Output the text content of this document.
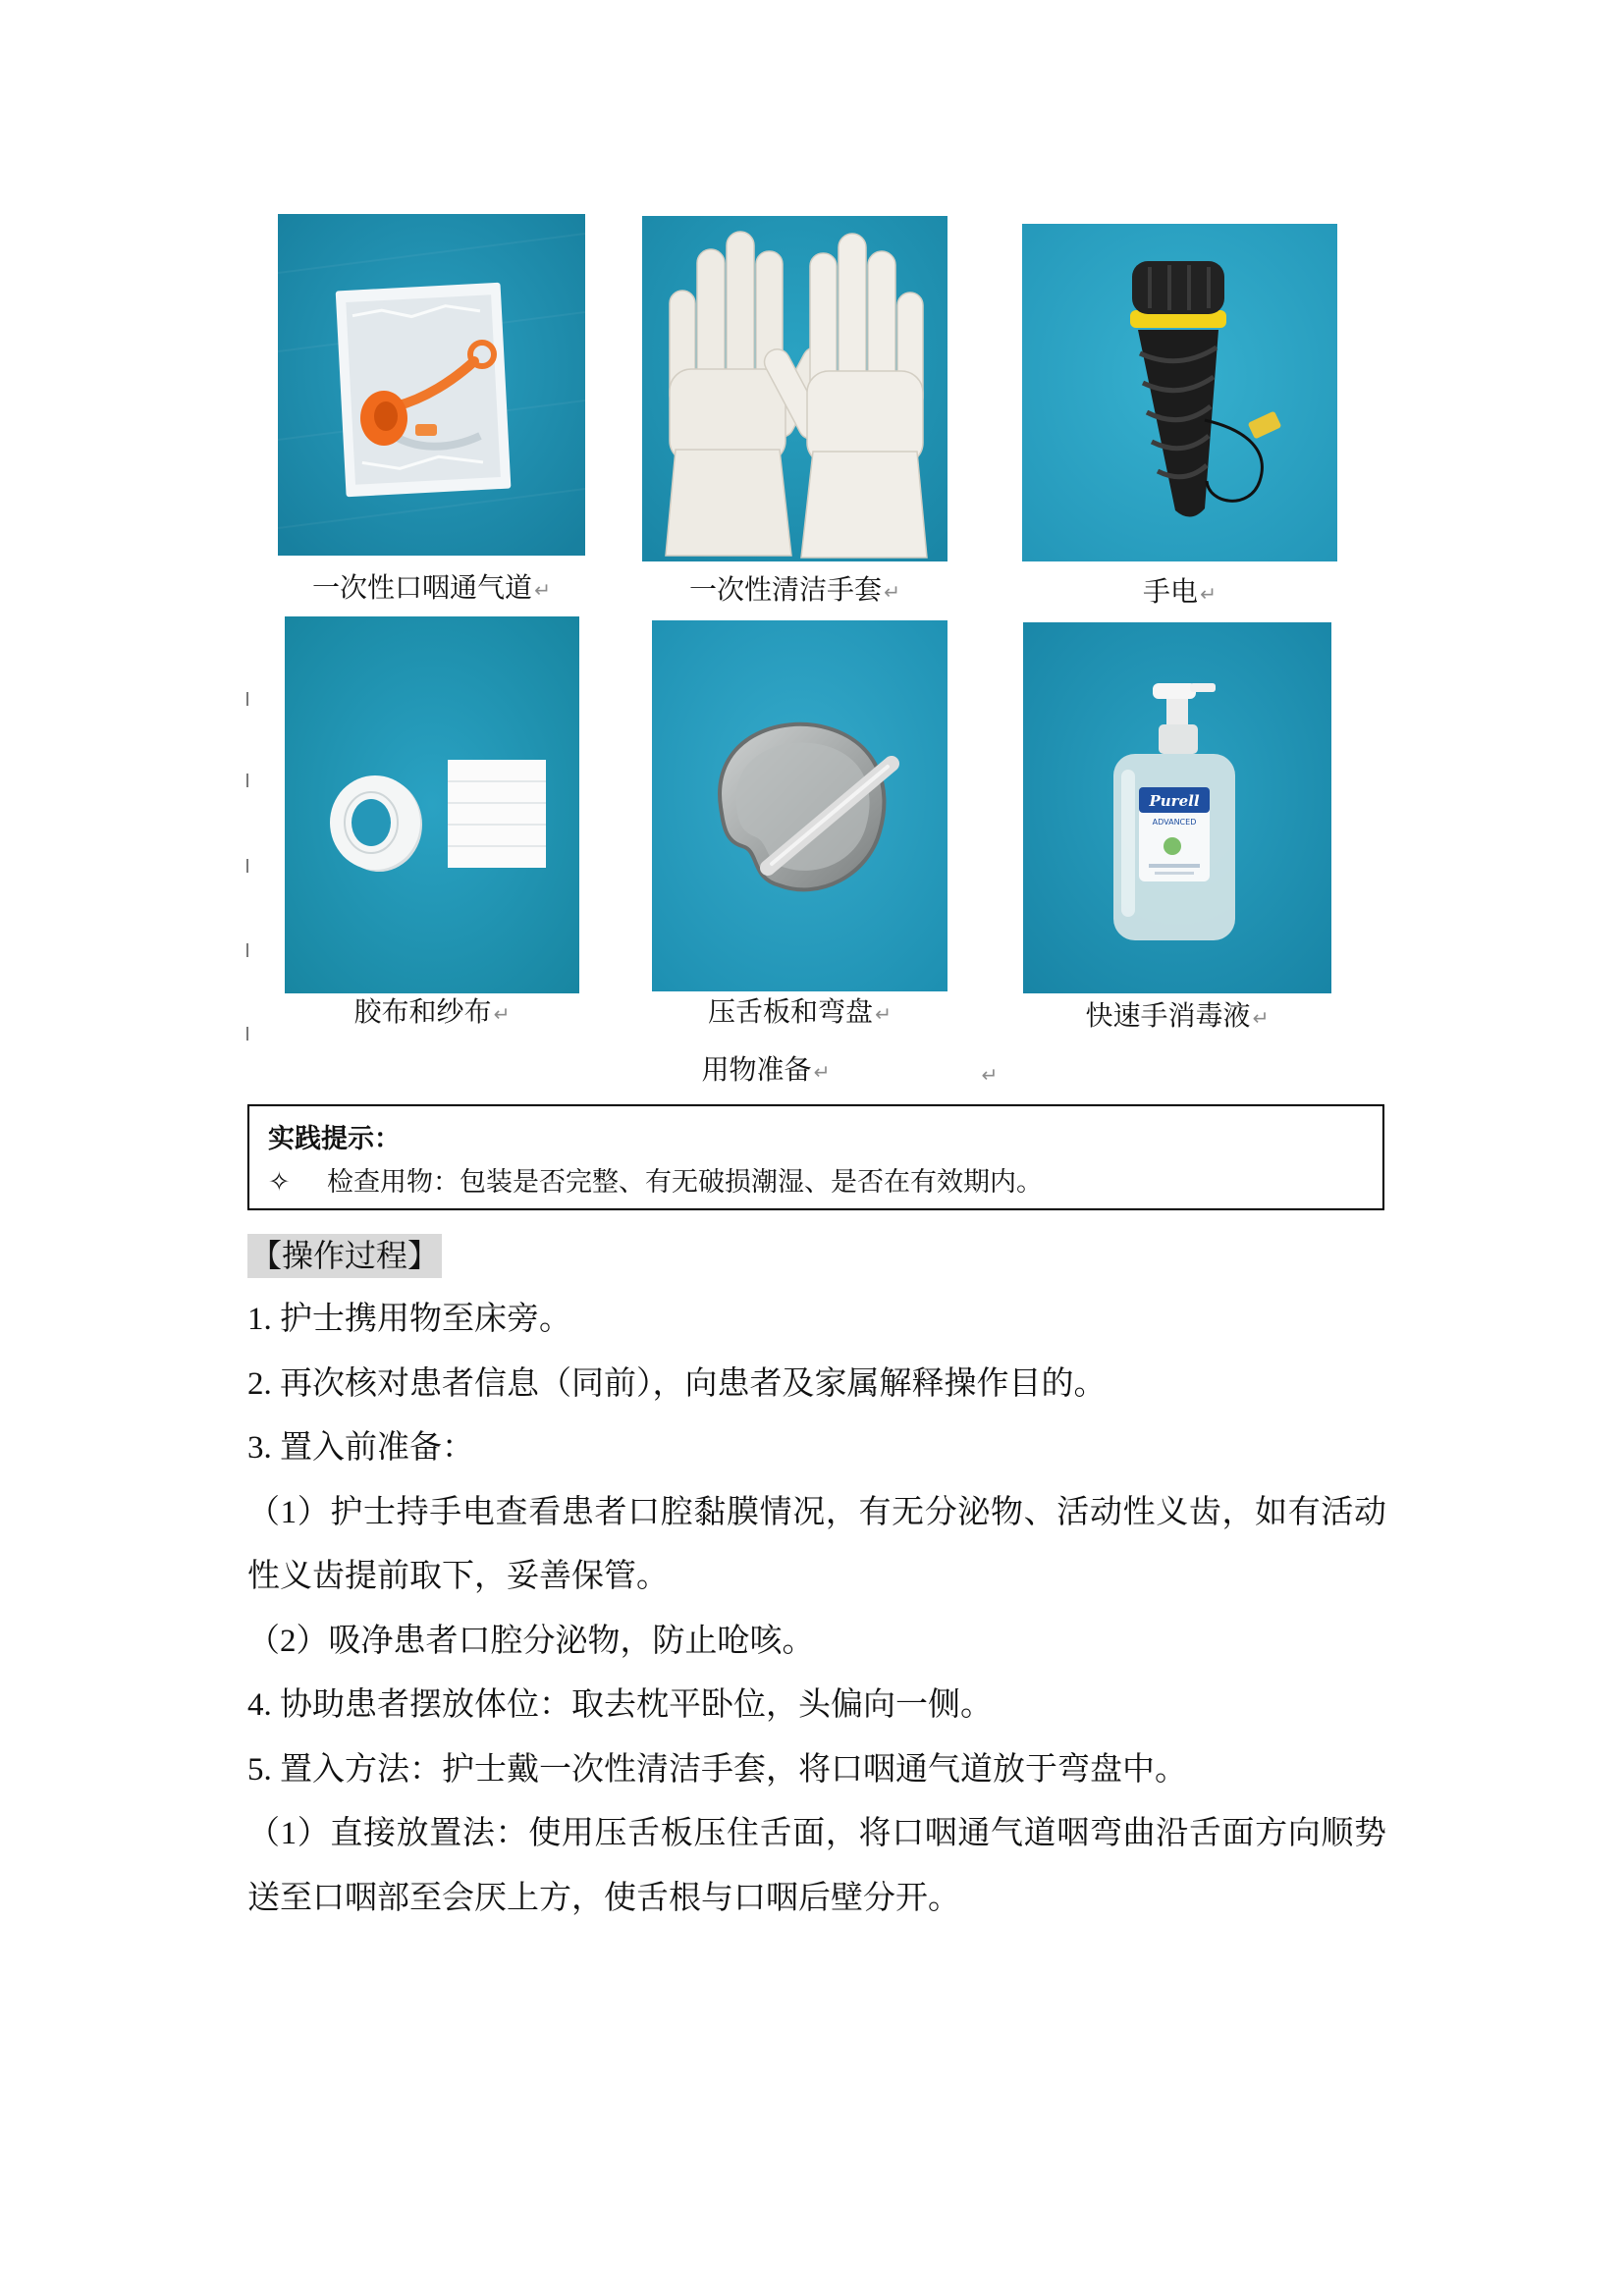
Purell
ADVANCED
一次性口咽通气道↵	一次性清洁手套↵	手电↵
胶布和纱布↵	压舌板和弯盘↵	快速手消毒液↵
用物准备↵	↵
实践提示：
✧ 检查用物：包装是否完整、有无破损潮湿、是否在有效期内。
【操作过程】

1. 护士携用物至床旁。

2. 再次核对患者信息（同前），向患者及家属解释操作目的。

3. 置入前准备：

（1）护士持手电查看患者口腔黏膜情况，有无分泌物、活动性义齿，如有活动性义齿提前取下，妥善保管。

（2）吸净患者口腔分泌物，防止呛咳。

4. 协助患者摆放体位：取去枕平卧位，头偏向一侧。

5. 置入方法：护士戴一次性清洁手套，将口咽通气道放于弯盘中。

（1）直接放置法：使用压舌板压住舌面，将口咽通气道咽弯曲沿舌面方向顺势送至口咽部至会厌上方，使舌根与口咽后壁分开。
